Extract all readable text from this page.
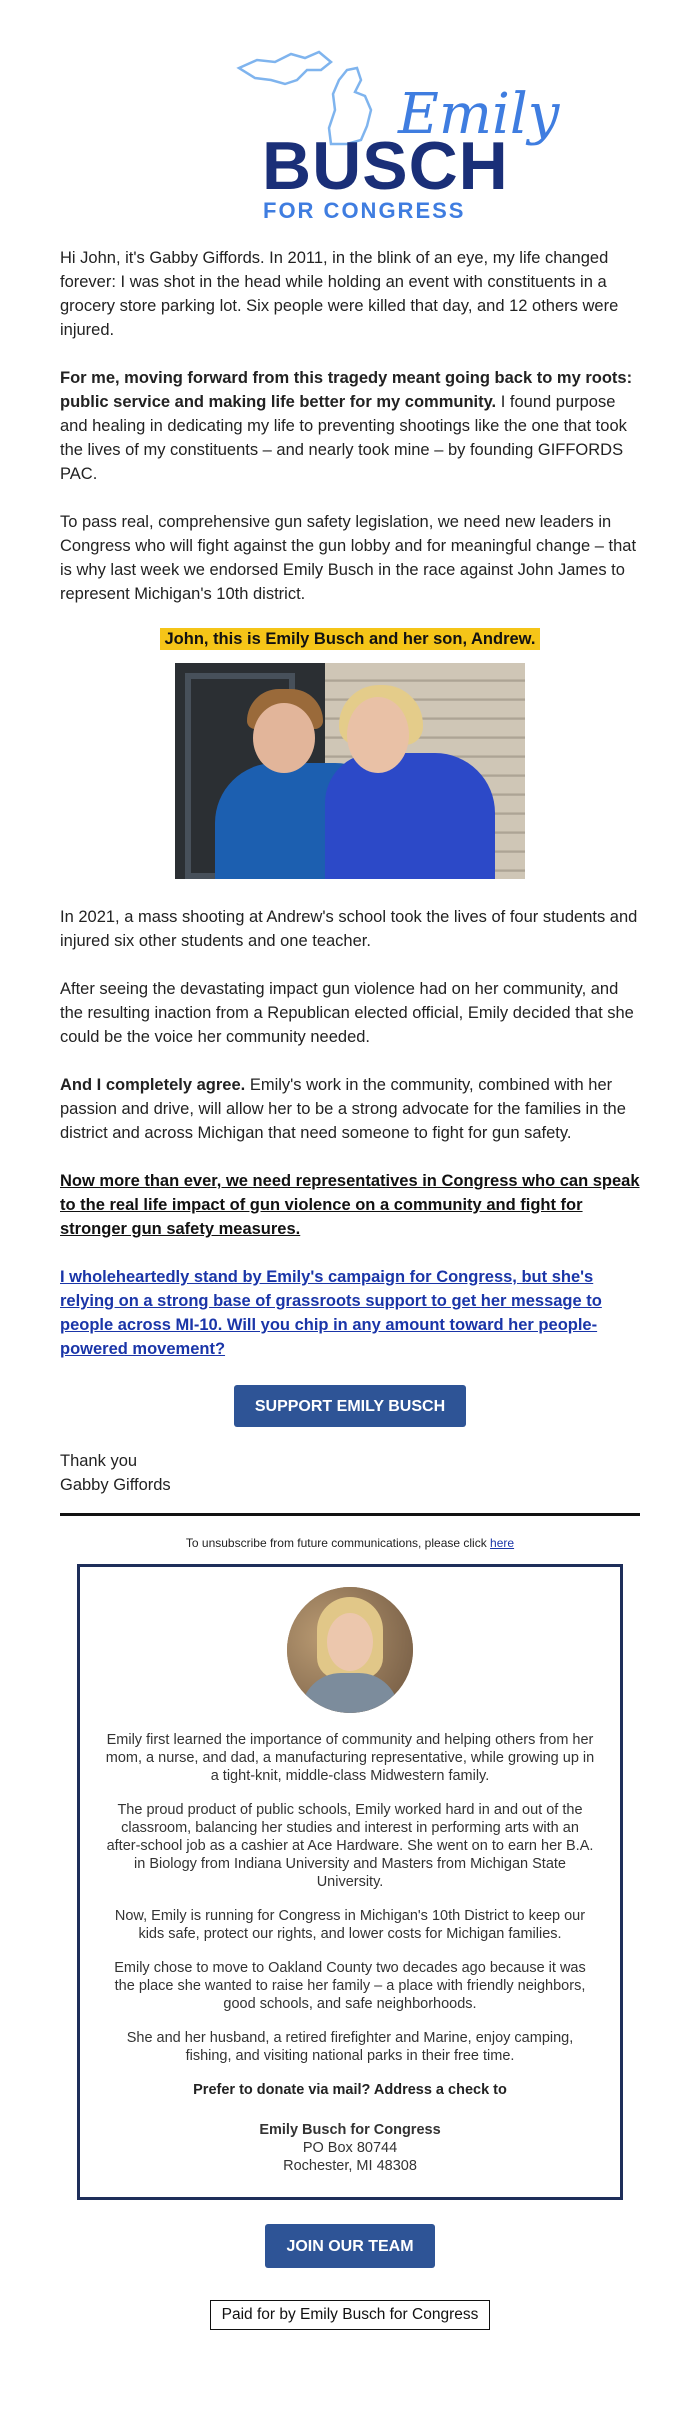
Emily
BUSCH
FOR CONGRESS

Hi John, it's Gabby Giffords. In 2011, in the blink of an eye, my life changed forever: I was shot in the head while holding an event with constituents in a grocery store parking lot. Six people were killed that day, and 12 others were injured.

For me, moving forward from this tragedy meant going back to my roots: public service and making life better for my community. I found purpose and healing in dedicating my life to preventing shootings like the one that took the lives of my constituents – and nearly took mine – by founding GIFFORDS PAC.

To pass real, comprehensive gun safety legislation, we need new leaders in Congress who will fight against the gun lobby and for meaningful change – that is why last week we endorsed Emily Busch in the race against John James to represent Michigan's 10th district.

John, this is Emily Busch and her son, Andrew.

In 2021, a mass shooting at Andrew's school took the lives of four students and injured six other students and one teacher.

After seeing the devastating impact gun violence had on her community, and the resulting inaction from a Republican elected official, Emily decided that she could be the voice her community needed.

And I completely agree. Emily's work in the community, combined with her passion and drive, will allow her to be a strong advocate for the families in the district and across Michigan that need someone to fight for gun safety.

Now more than ever, we need representatives in Congress who can speak to the real life impact of gun violence on a community and fight for stronger gun safety measures.

I wholeheartedly stand by Emily's campaign for Congress, but she's relying on a strong base of grassroots support to get her message to people across MI-10. Will you chip in any amount toward her people-powered movement?

SUPPORT EMILY BUSCH
Thank you
Gabby Giffords
To unsubscribe from future communications, please click here

Emily first learned the importance of community and helping others from her mom, a nurse, and dad, a manufacturing representative, while growing up in a tight-knit, middle-class Midwestern family.

The proud product of public schools, Emily worked hard in and out of the classroom, balancing her studies and interest in performing arts with an after-school job as a cashier at Ace Hardware. She went on to earn her B.A. in Biology from Indiana University and Masters from Michigan State University.

Now, Emily is running for Congress in Michigan's 10th District to keep our kids safe, protect our rights, and lower costs for Michigan families.

Emily chose to move to Oakland County two decades ago because it was the place she wanted to raise her family – a place with friendly neighbors, good schools, and safe neighborhoods.

She and her husband, a retired firefighter and Marine, enjoy camping, fishing, and visiting national parks in their free time.

Prefer to donate via mail? Address a check to

Emily Busch for Congress

PO Box 80744

Rochester, MI 48308

JOIN OUR TEAM
Paid for by Emily Busch for Congress
